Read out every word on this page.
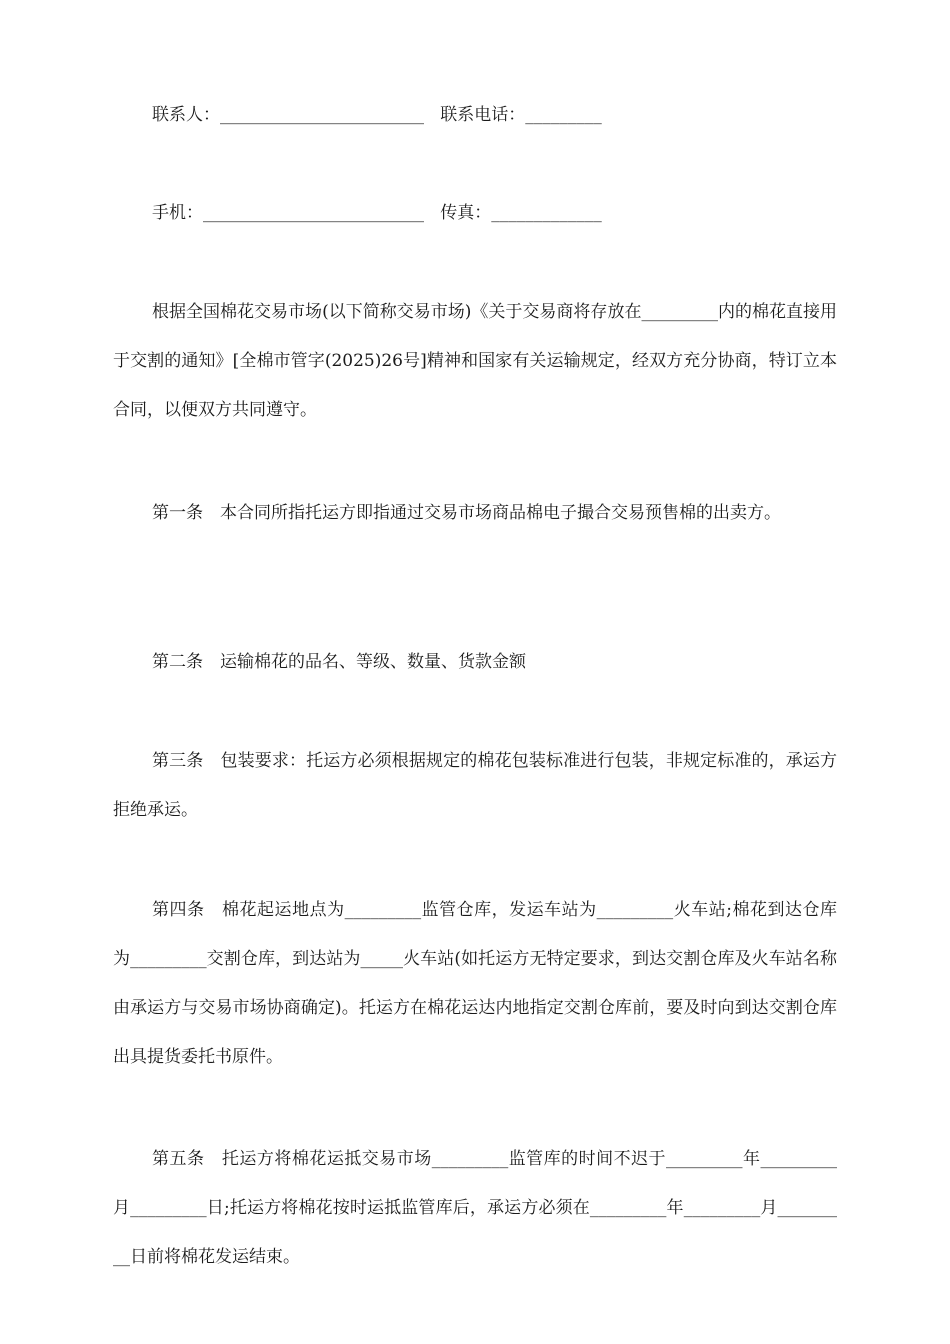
联系人：________________________   联系电话：_________
手机：__________________________   传真：_____________

根据全国棉花交易市场(以下简称交易市场)《关于交易商将存放在_________内的棉花直接用于交割的通知》[全棉市管字(2025)26号]精神和国家有关运输规定，经双方充分协商，特订立本合同，以便双方共同遵守。

第一条　本合同所指托运方即指通过交易市场商品棉电子撮合交易预售棉的出卖方。

第二条　运输棉花的品名、等级、数量、货款金额

第三条　包装要求：托运方必须根据规定的棉花包装标准进行包装，非规定标准的，承运方拒绝承运。

第四条　棉花起运地点为_________监管仓库，发运车站为_________火车站;棉花到达仓库为_________交割仓库，到达站为_____火车站(如托运方无特定要求，到达交割仓库及火车站名称由承运方与交易市场协商确定)。托运方在棉花运达内地指定交割仓库前，要及时向到达交割仓库出具提货委托书原件。

第五条　托运方将棉花运抵交易市场_________监管库的时间不迟于_________年_________月_________日;托运方将棉花按时运抵监管库后，承运方必须在_________年_________月_________日前将棉花发运结束。
